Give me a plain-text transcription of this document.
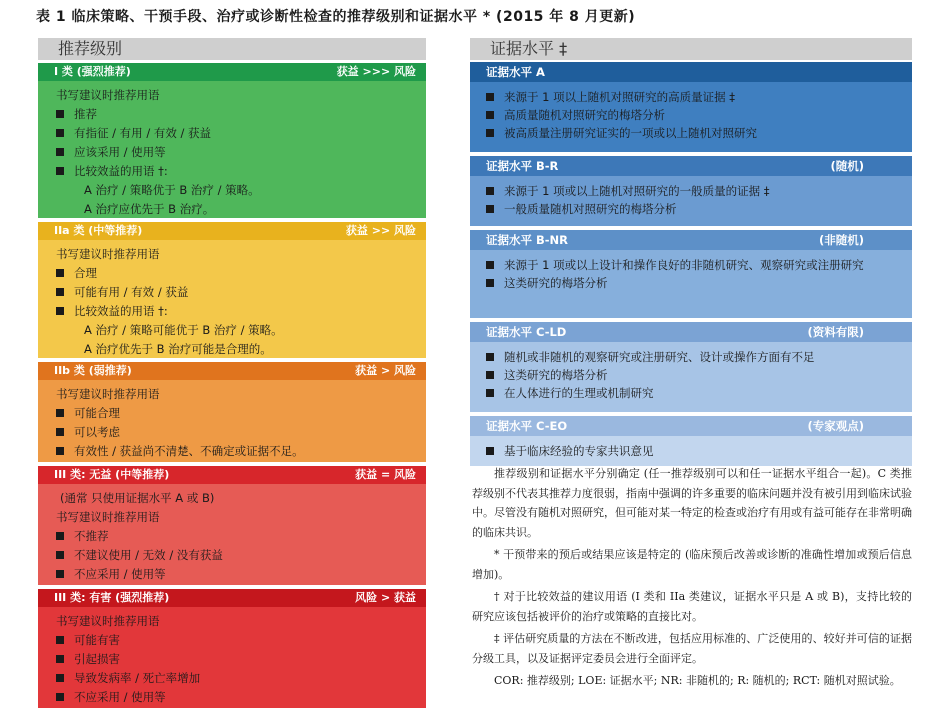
表 1 临床策略、干预手段、治疗或诊断性检查的推荐级别和证据水平 * (2015 年 8 月更新)
推荐级别
I 类 (强烈推荐)	获益 >>> 风险
书写建议时推荐用语
推荐
有指征 / 有用 / 有效 / 获益
应该采用 / 使用等
比较效益的用语 †:
A 治疗 / 策略优于 B 治疗 / 策略。
A 治疗应优先于 B 治疗。
IIa 类 (中等推荐)	获益 >> 风险
书写建议时推荐用语
合理
可能有用 / 有效 / 获益
比较效益的用语 †:
A 治疗 / 策略可能优于 B 治疗 / 策略。
A 治疗优先于 B 治疗可能是合理的。
IIb 类 (弱推荐)	获益 > 风险
书写建议时推荐用语
可能合理
可以考虑
有效性 / 获益尚不清楚、不确定或证据不足。
III 类: 无益 (中等推荐)	获益 = 风险
(通常 只使用证据水平 A 或 B)
书写建议时推荐用语
不推荐
不建议使用 / 无效 / 没有获益
不应采用 / 使用等
III 类: 有害 (强烈推荐)	风险 > 获益
书写建议时推荐用语
可能有害
引起损害
导致发病率 / 死亡率增加
不应采用 / 使用等
证据水平 ‡
证据水平 A
来源于 1 项以上随机对照研究的高质量证据 ‡
高质量随机对照研究的梅塔分析
被高质量注册研究证实的一项或以上随机对照研究
证据水平 B-R	(随机)
来源于 1 项或以上随机对照研究的一般质量的证据 ‡
一般质量随机对照研究的梅塔分析
证据水平 B-NR	(非随机)
来源于 1 项或以上设计和操作良好的非随机研究、观察研究或注册研究
这类研究的梅塔分析
证据水平 C-LD	(资料有限)
随机或非随机的观察研究或注册研究、设计或操作方面有不足
这类研究的梅塔分析
在人体进行的生理或机制研究
证据水平 C-EO	(专家观点)
基于临床经验的专家共识意见

推荐级别和证据水平分别确定 (任一推荐级别可以和任一证据水平组合一起)。C 类推荐级别不代表其推荐力度很弱，指南中强调的许多重要的临床问题并没有被引用到临床试验中。尽管没有随机对照研究，但可能对某一特定的检查或治疗有用或有益可能存在非常明确的临床共识。

* 干预带来的预后或结果应该是特定的 (临床预后改善或诊断的准确性增加或预后信息增加)。

† 对于比较效益的建议用语 (I 类和 IIa 类建议，证据水平只是 A 或 B)，支持比较的研究应该包括被评价的治疗或策略的直接比对。

‡ 评估研究质量的方法在不断改进，包括应用标准的、广泛使用的、较好并可信的证据分级工具，以及证据评定委员会进行全面评定。

COR: 推荐级别; LOE: 证据水平; NR: 非随机的; R: 随机的; RCT: 随机对照试验。
